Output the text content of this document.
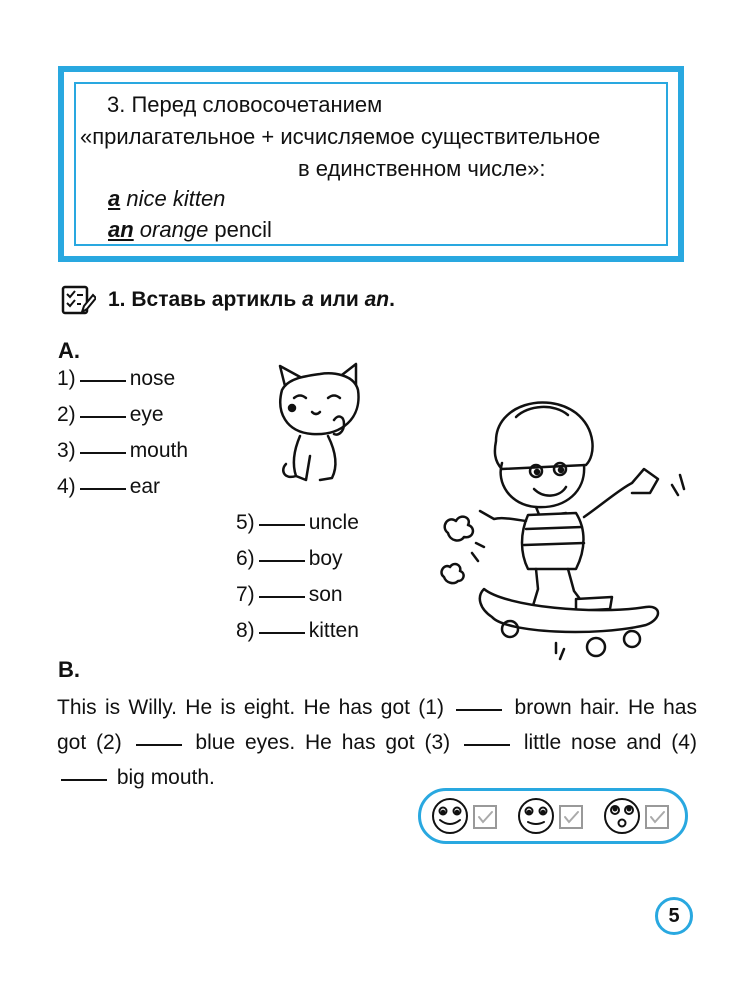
3. Перед словосочетанием
«прилагательное + исчисляемое существительное
в единственном числе»:
a nice kitten
an orange pencil
1. Вставь артикль a или an.
A.
1)	nose
2)	eye
3)	mouth
4)	ear
5)	uncle
6)	boy
7)	son
8)	kitten
B.
This is Willy. He is eight. He has got (1)	brown hair. He has got (2)	blue eyes. He has got (3)	little nose and (4)  big mouth.
5
